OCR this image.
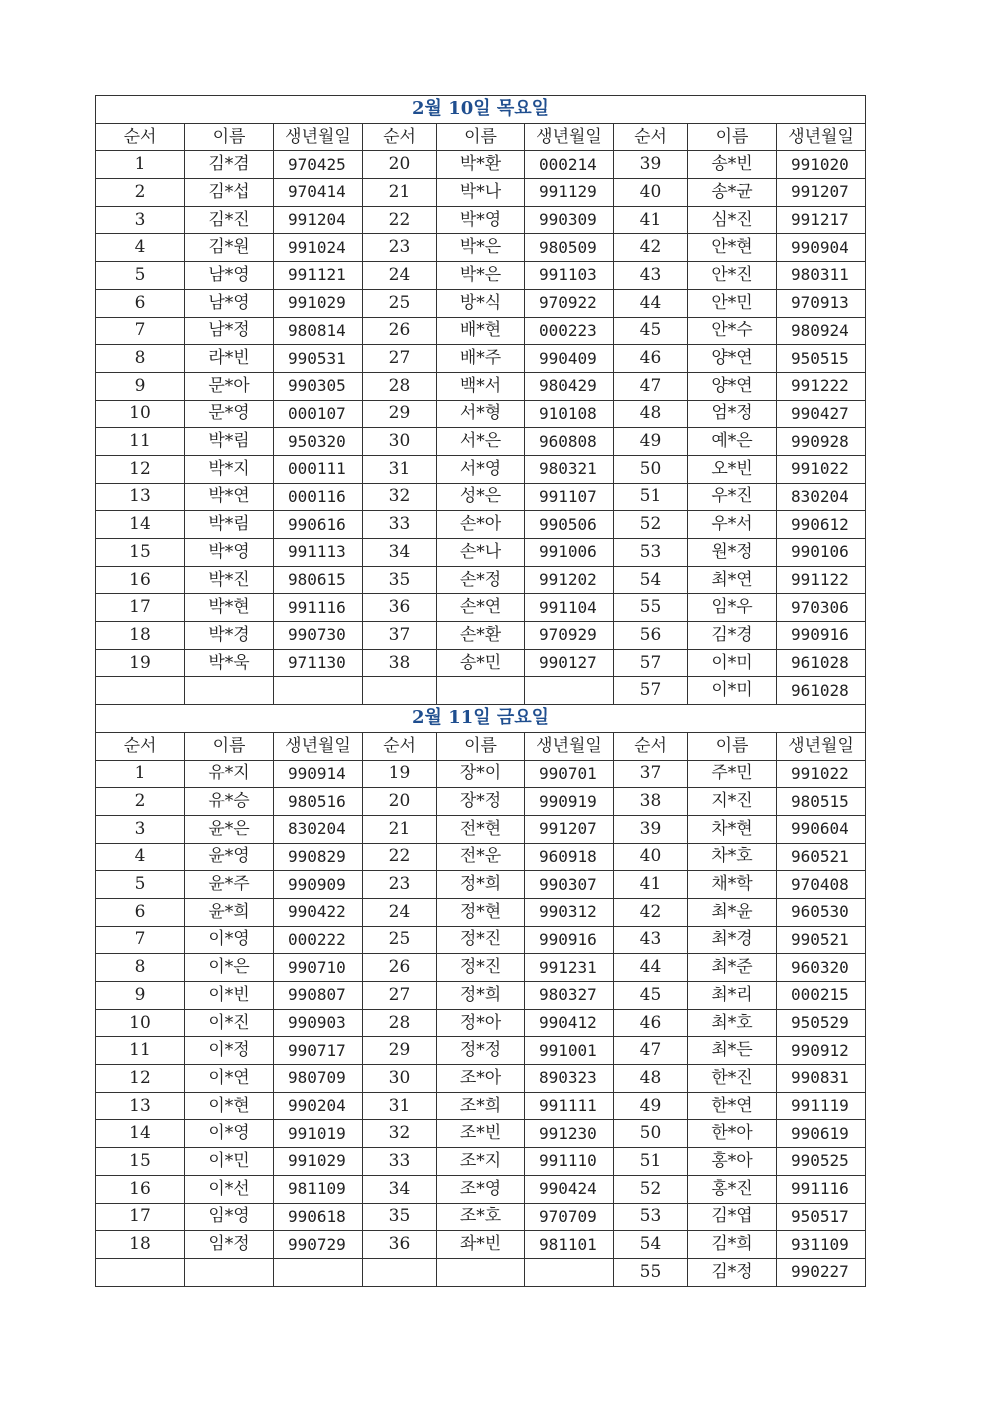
2월 10일 목요일								
순서	이름	생년월일	순서	이름	생년월일	순서	이름	생년월일
1	김*겸	970425	20	박*환	000214	39	송*빈	991020
2	김*섭	970414	21	박*나	991129	40	송*균	991207
3	김*진	991204	22	박*영	990309	41	심*진	991217
4	김*원	991024	23	박*은	980509	42	안*현	990904
5	남*영	991121	24	박*은	991103	43	안*진	980311
6	남*영	991029	25	방*식	970922	44	안*민	970913
7	남*정	980814	26	배*현	000223	45	안*수	980924
8	라*빈	990531	27	배*주	990409	46	양*연	950515
9	문*아	990305	28	백*서	980429	47	양*연	991222
10	문*영	000107	29	서*형	910108	48	엄*정	990427
11	박*림	950320	30	서*은	960808	49	예*은	990928
12	박*지	000111	31	서*영	980321	50	오*빈	991022
13	박*연	000116	32	성*은	991107	51	우*진	830204
14	박*림	990616	33	손*아	990506	52	우*서	990612
15	박*영	991113	34	손*나	991006	53	원*정	990106
16	박*진	980615	35	손*정	991202	54	최*연	991122
17	박*현	991116	36	손*연	991104	55	임*우	970306
18	박*경	990730	37	손*환	970929	56	김*경	990916
19	박*욱	971130	38	송*민	990127	57	이*미	961028
						57	이*미	961028
2월 11일 금요일								
순서	이름	생년월일	순서	이름	생년월일	순서	이름	생년월일
1	유*지	990914	19	장*이	990701	37	주*민	991022
2	유*승	980516	20	장*정	990919	38	지*진	980515
3	윤*은	830204	21	전*현	991207	39	차*현	990604
4	윤*영	990829	22	전*운	960918	40	차*호	960521
5	윤*주	990909	23	정*희	990307	41	채*학	970408
6	윤*희	990422	24	정*현	990312	42	최*윤	960530
7	이*영	000222	25	정*진	990916	43	최*경	990521
8	이*은	990710	26	정*진	991231	44	최*준	960320
9	이*빈	990807	27	정*희	980327	45	최*리	000215
10	이*진	990903	28	정*아	990412	46	최*호	950529
11	이*정	990717	29	정*정	991001	47	최*든	990912
12	이*연	980709	30	조*아	890323	48	한*진	990831
13	이*현	990204	31	조*희	991111	49	한*연	991119
14	이*영	991019	32	조*빈	991230	50	한*아	990619
15	이*민	991029	33	조*지	991110	51	홍*아	990525
16	이*선	981109	34	조*영	990424	52	홍*진	991116
17	임*영	990618	35	조*호	970709	53	김*엽	950517
18	임*정	990729	36	좌*빈	981101	54	김*희	931109
						55	김*정	990227
